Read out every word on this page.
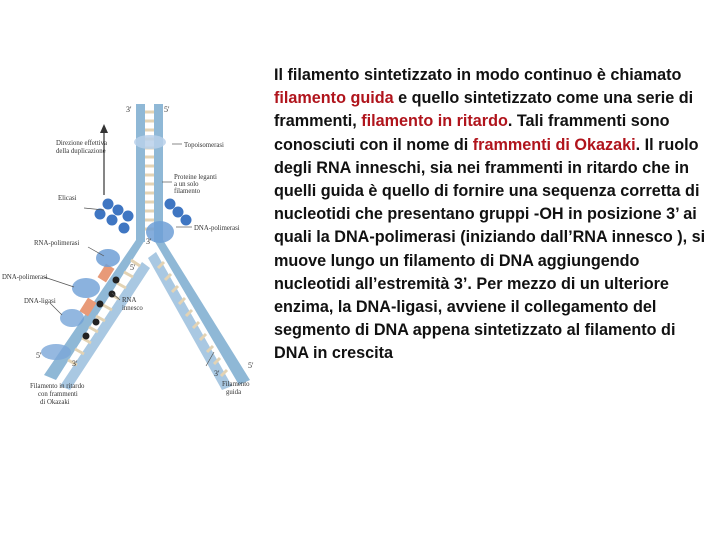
3'	5'
Direzione effettiva
della duplicazione
Topoisomerasi
Proteine leganti
a un solo
filamento
Elicasi
DNA-polimerasi
3'
RNA-polimerasi
5'
DNA-polimerasi
DNA-ligasi	RNA
innesco
5'
3'
3'
5'
Filamento in ritardo
con frammenti
di Okazaki
Filamento
guida
Il filamento sintetizzato in modo continuo è chiamato filamento guida e quello sintetizzato come una serie di frammenti, filamento in ritardo. Tali frammenti sono conosciuti con il nome di frammenti di Okazaki. Il ruolo degli RNA inneschi, sia nei frammenti in ritardo che in quelli guida è quello di fornire una sequenza corretta di nucleotidi che presentano gruppi -OH in posizione 3’ ai quali la DNA-polimerasi (iniziando dall’RNA innesco ), si muove lungo un filamento di DNA aggiungendo nucleotidi all’estremità 3’. Per mezzo di un ulteriore enzima, la DNA-ligasi, avviene il collegamento del segmento di DNA appena sintetizzato al filamento di DNA in crescita
